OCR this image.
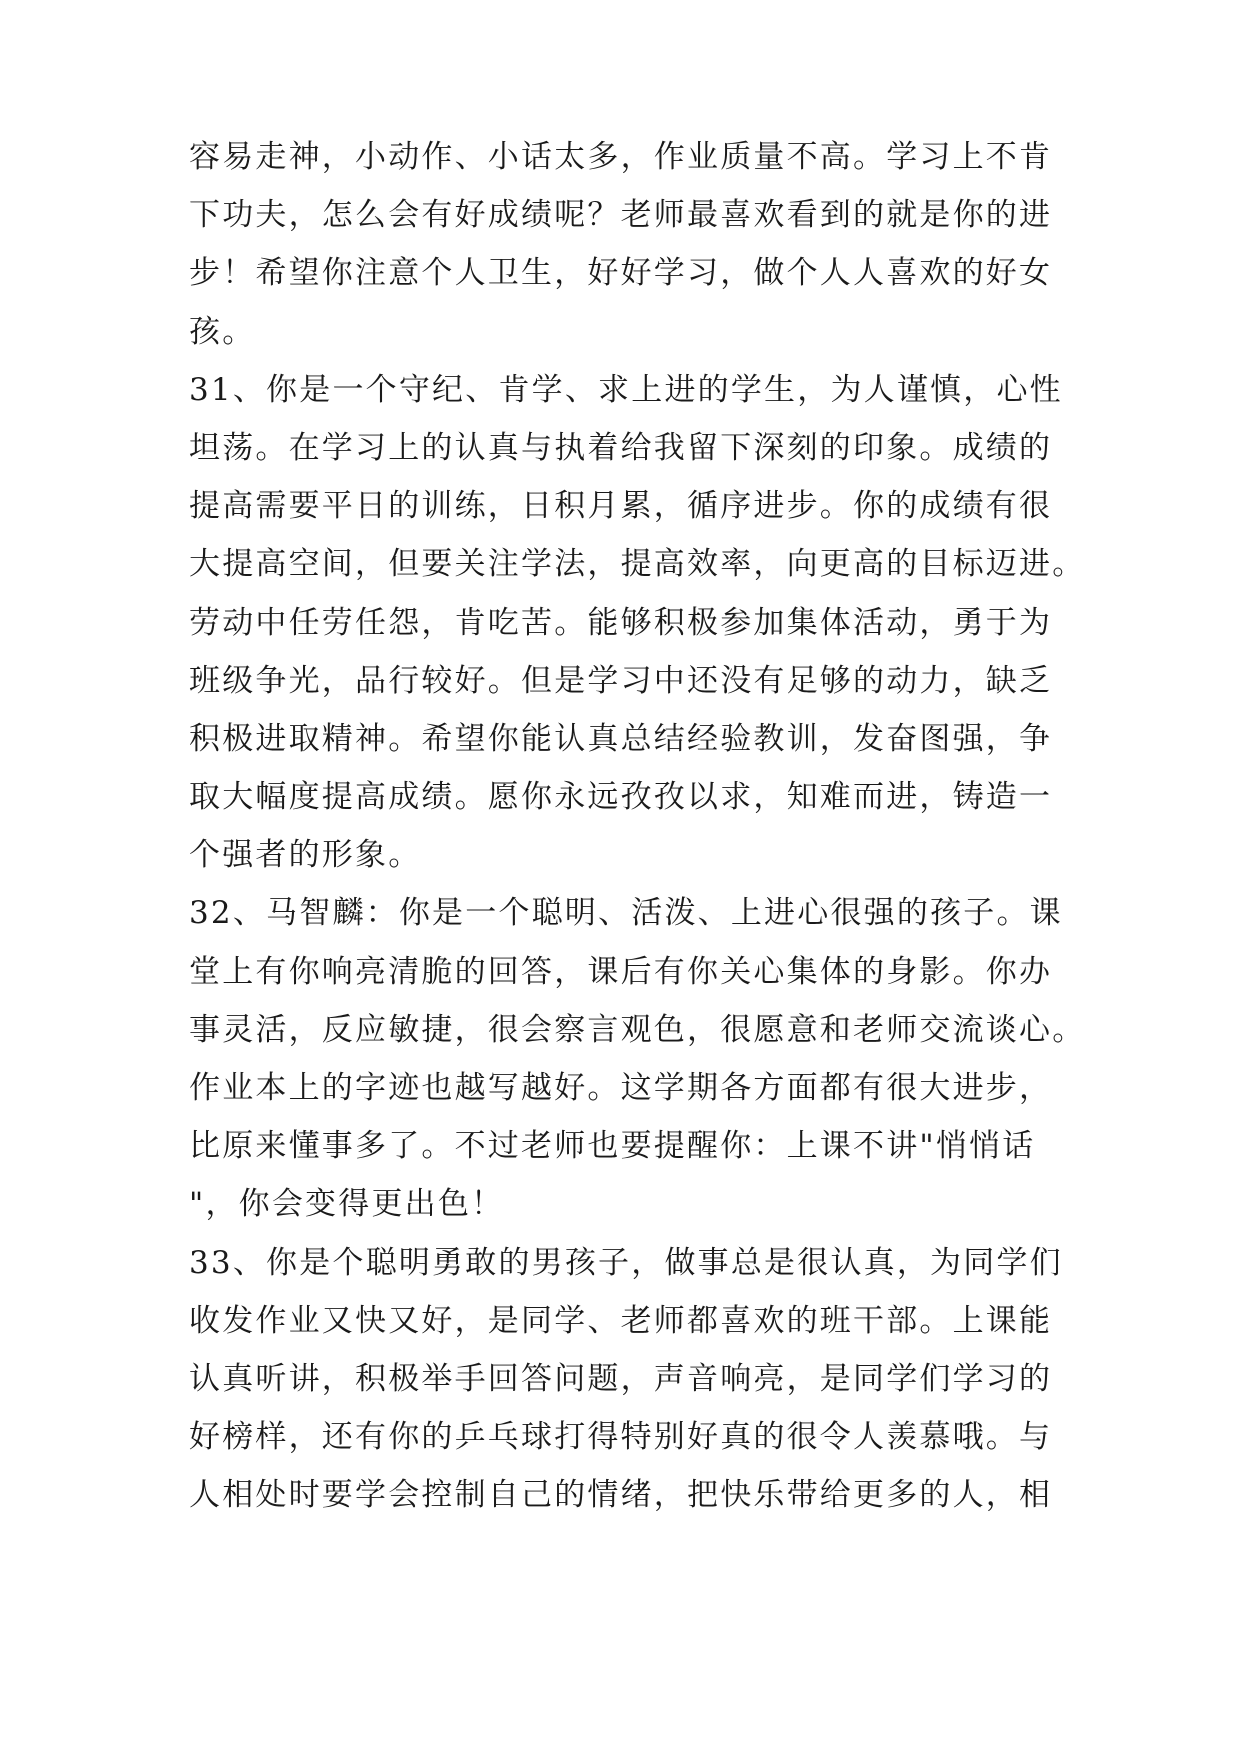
容易走神，小动作、小话太多，作业质量不高。学习上不肯
下功夫，怎么会有好成绩呢？老师最喜欢看到的就是你的进
步！希望你注意个人卫生，好好学习，做个人人喜欢的好女
孩。
31、你是一个守纪、肯学、求上进的学生，为人谨慎，心性
坦荡。在学习上的认真与执着给我留下深刻的印象。成绩的
提高需要平日的训练，日积月累，循序进步。你的成绩有很
大提高空间，但要关注学法，提高效率，向更高的目标迈进。
劳动中任劳任怨，肯吃苦。能够积极参加集体活动，勇于为
班级争光，品行较好。但是学习中还没有足够的动力，缺乏
积极进取精神。希望你能认真总结经验教训，发奋图强，争
取大幅度提高成绩。愿你永远孜孜以求，知难而进，铸造一
个强者的形象。
32、马智麟：你是一个聪明、活泼、上进心很强的孩子。课
堂上有你响亮清脆的回答，课后有你关心集体的身影。你办
事灵活，反应敏捷，很会察言观色，很愿意和老师交流谈心。
作业本上的字迹也越写越好。这学期各方面都有很大进步，
比原来懂事多了。不过老师也要提醒你：上课不讲"悄悄话
"，你会变得更出色！
33、你是个聪明勇敢的男孩子，做事总是很认真，为同学们
收发作业又快又好，是同学、老师都喜欢的班干部。上课能
认真听讲，积极举手回答问题，声音响亮，是同学们学习的
好榜样，还有你的乒乓球打得特别好真的很令人羡慕哦。与
人相处时要学会控制自己的情绪，把快乐带给更多的人，相
